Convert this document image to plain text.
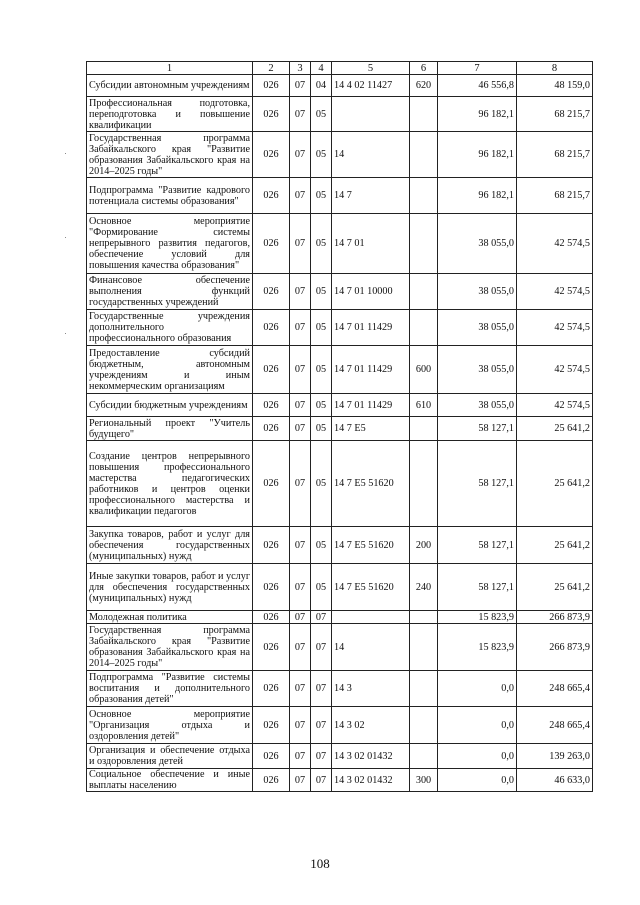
1	2	3	4	5	6	7	8
Субсидии автономным учреждениям	026	07	04	14 4 02 11427	620	46 556,8	48 159,0
Профессиональная подготовка, переподготовка и повышение квалификации	026	07	05			96 182,1	68 215,7
Государственная программа Забайкальского края "Развитие образования Забайкальского края на 2014–2025 годы"	026	07	05	14		96 182,1	68 215,7
Подпрограмма "Развитие кадрового потенциала системы образования"	026	07	05	14 7		96 182,1	68 215,7
Основное мероприятие "Формирование системы непрерывного развития педагогов, обеспечение условий для повышения качества образования"	026	07	05	14 7 01		38 055,0	42 574,5
Финансовое обеспечение выполнения функций государственных учреждений	026	07	05	14 7 01 10000		38 055,0	42 574,5
Государственные учреждения дополнительного профессионального образования	026	07	05	14 7 01 11429		38 055,0	42 574,5
Предоставление субсидий бюджетным, автономным учреждениям и иным некоммерческим организациям	026	07	05	14 7 01 11429	600	38 055,0	42 574,5
Субсидии бюджетным учреждениям	026	07	05	14 7 01 11429	610	38 055,0	42 574,5
Региональный проект "Учитель будущего"	026	07	05	14 7 E5		58 127,1	25 641,2
Создание центров непрерывного повышения профессионального мастерства педагогических работников и центров оценки профессионального мастерства и квалификации педагогов	026	07	05	14 7 E5 51620		58 127,1	25 641,2
Закупка товаров, работ и услуг для обеспечения государственных (муниципальных) нужд	026	07	05	14 7 E5 51620	200	58 127,1	25 641,2
Иные закупки товаров, работ и услуг для обеспечения государственных (муниципальных) нужд	026	07	05	14 7 E5 51620	240	58 127,1	25 641,2
Молодежная политика	026	07	07			15 823,9	266 873,9
Государственная программа Забайкальского края "Развитие образования Забайкальского края на 2014–2025 годы"	026	07	07	14		15 823,9	266 873,9
Подпрограмма "Развитие системы воспитания и дополнительного образования детей"	026	07	07	14 3		0,0	248 665,4
Основное мероприятие "Организация отдыха и оздоровления детей"	026	07	07	14 3 02		0,0	248 665,4
Организация и обеспечение отдыха и оздоровления детей	026	07	07	14 3 02 01432		0,0	139 263,0
Социальное обеспечение и иные выплаты населению	026	07	07	14 3 02 01432	300	0,0	46 633,0
·
·
·
108
